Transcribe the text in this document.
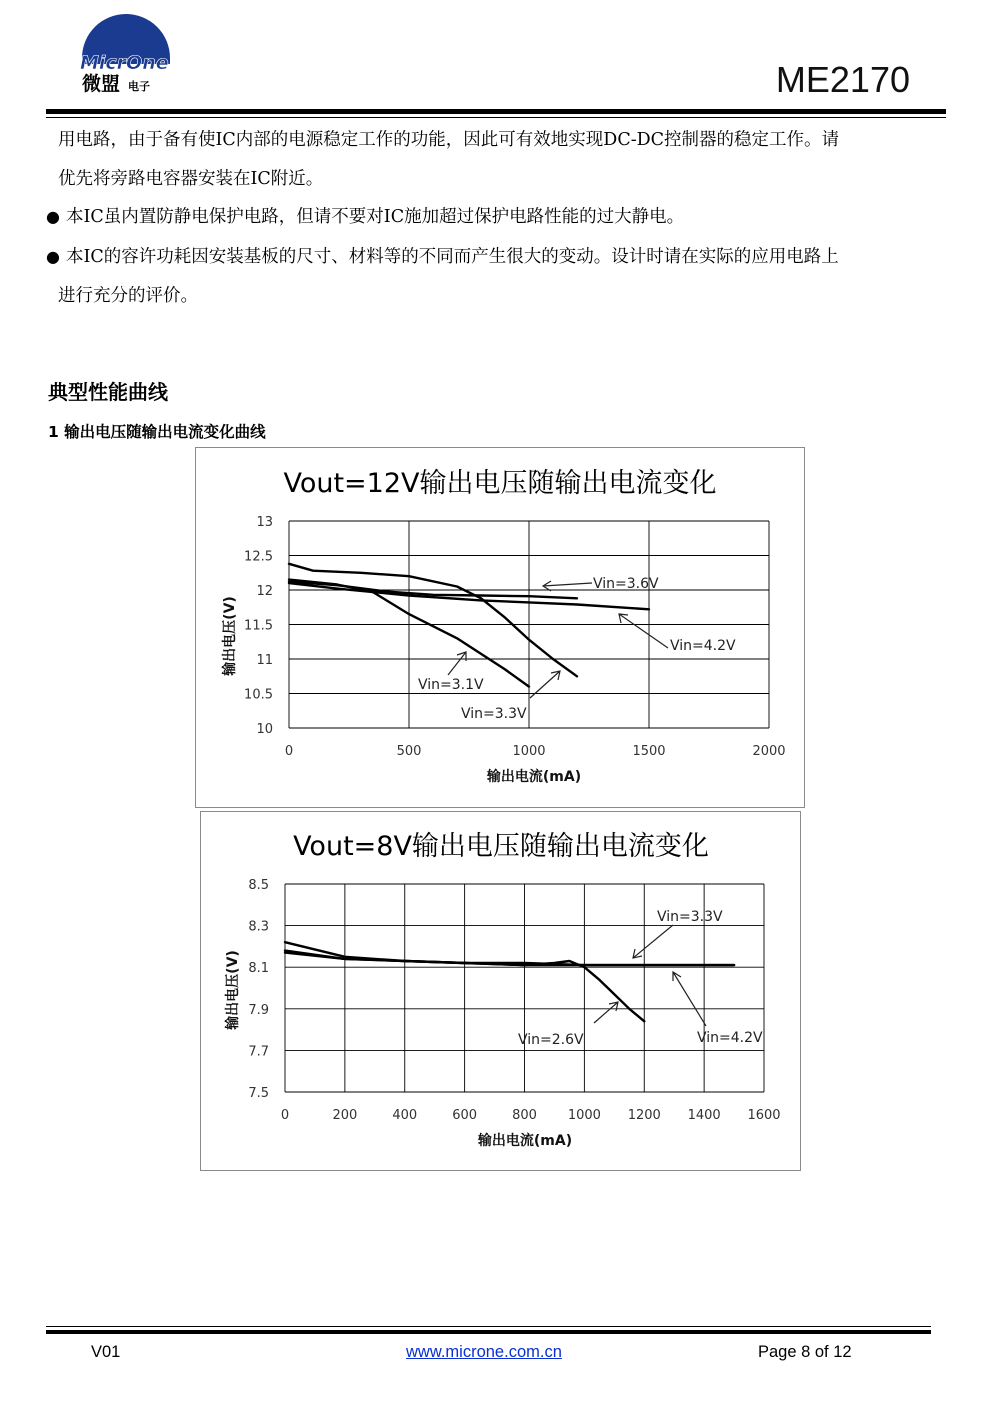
MicrOne
微盟 电子	ME2170
用电路，由于备有使IC内部的电源稳定工作的功能，因此可有效地实现DC-DC控制器的稳定工作。请
优先将旁路电容器安装在IC附近。
● 本IC虽内置防静电保护电路，但请不要对IC施加超过保护电路性能的过大静电。
● 本IC的容许功耗因安装基板的尺寸、材料等的不同而产生很大的变动。设计时请在实际的应用电路上
进行充分的评价。
典型性能曲线
1 输出电压随输出电流变化曲线
Vout=12V输出电压随输出电流变化
0	500	1000	1500	2000
13
12.5
12
11.5
11
10.5
10
输出电流(mA)
输出电压(V)
Vin=3.6V
Vin=4.2V
Vin=3.1V
Vin=3.3V
Vout=8V输出电压随输出电流变化
0	200	400	600	800 1000 1200 1400 1600
8.5
8.3
8.1
7.9
7.7
7.5
输出电流(mA)
输出电压(V)
Vin=3.3V
Vin=2.6V	Vin=4.2V
V01	www.microne.com.cn	Page 8 of 12
